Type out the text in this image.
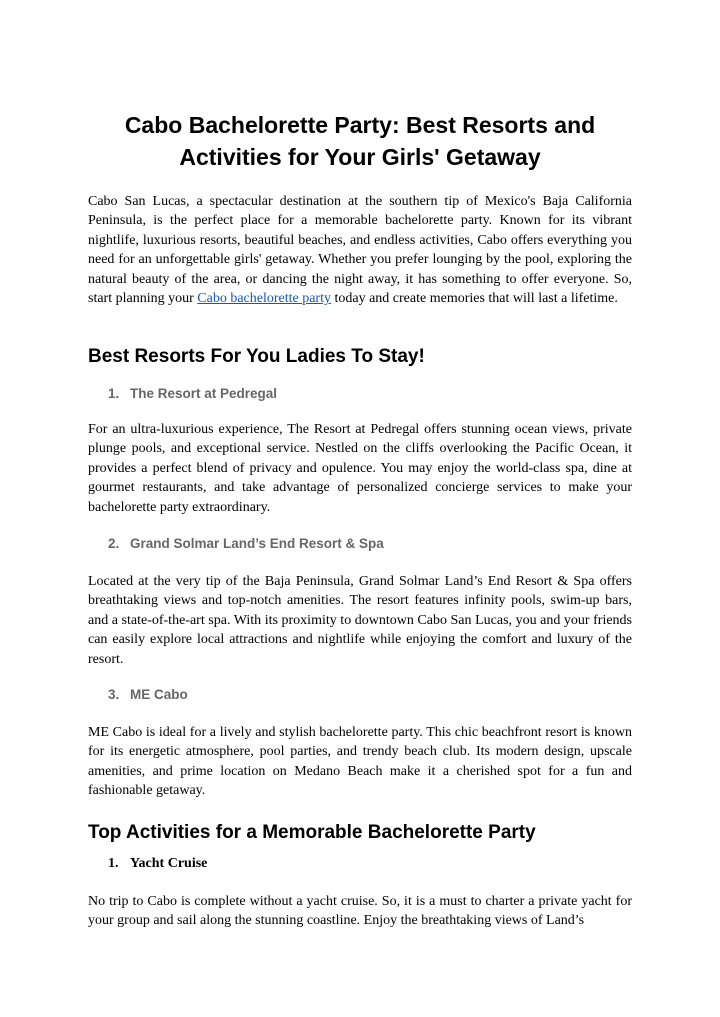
Cabo Bachelorette Party: Best Resorts and Activities for Your Girls' Getaway

Cabo San Lucas, a spectacular destination at the southern tip of Mexico's Baja California Peninsula, is the perfect place for a memorable bachelorette party. Known for its vibrant nightlife, luxurious resorts, beautiful beaches, and endless activities, Cabo offers everything you need for an unforgettable girls' getaway. Whether you prefer lounging by the pool, exploring the natural beauty of the area, or dancing the night away, it has something to offer everyone. So, start planning your Cabo bachelorette party today and create memories that will last a lifetime.

Best Resorts For You Ladies To Stay!
1. The Resort at Pedregal

For an ultra-luxurious experience, The Resort at Pedregal offers stunning ocean views, private plunge pools, and exceptional service. Nestled on the cliffs overlooking the Pacific Ocean, it provides a perfect blend of privacy and opulence. You may enjoy the world-class spa, dine at gourmet restaurants, and take advantage of personalized concierge services to make your bachelorette party extraordinary.

2. Grand Solmar Land’s End Resort & Spa

Located at the very tip of the Baja Peninsula, Grand Solmar Land’s End Resort & Spa offers breathtaking views and top-notch amenities. The resort features infinity pools, swim-up bars, and a state-of-the-art spa. With its proximity to downtown Cabo San Lucas, you and your friends can easily explore local attractions and nightlife while enjoying the comfort and luxury of the resort.

3. ME Cabo

ME Cabo is ideal for a lively and stylish bachelorette party. This chic beachfront resort is known for its energetic atmosphere, pool parties, and trendy beach club. Its modern design, upscale amenities, and prime location on Medano Beach make it a cherished spot for a fun and fashionable getaway.

Top Activities for a Memorable Bachelorette Party
1. Yacht Cruise

No trip to Cabo is complete without a yacht cruise. So, it is a must to charter a private yacht for your group and sail along the stunning coastline. Enjoy the breathtaking views of Land’s
